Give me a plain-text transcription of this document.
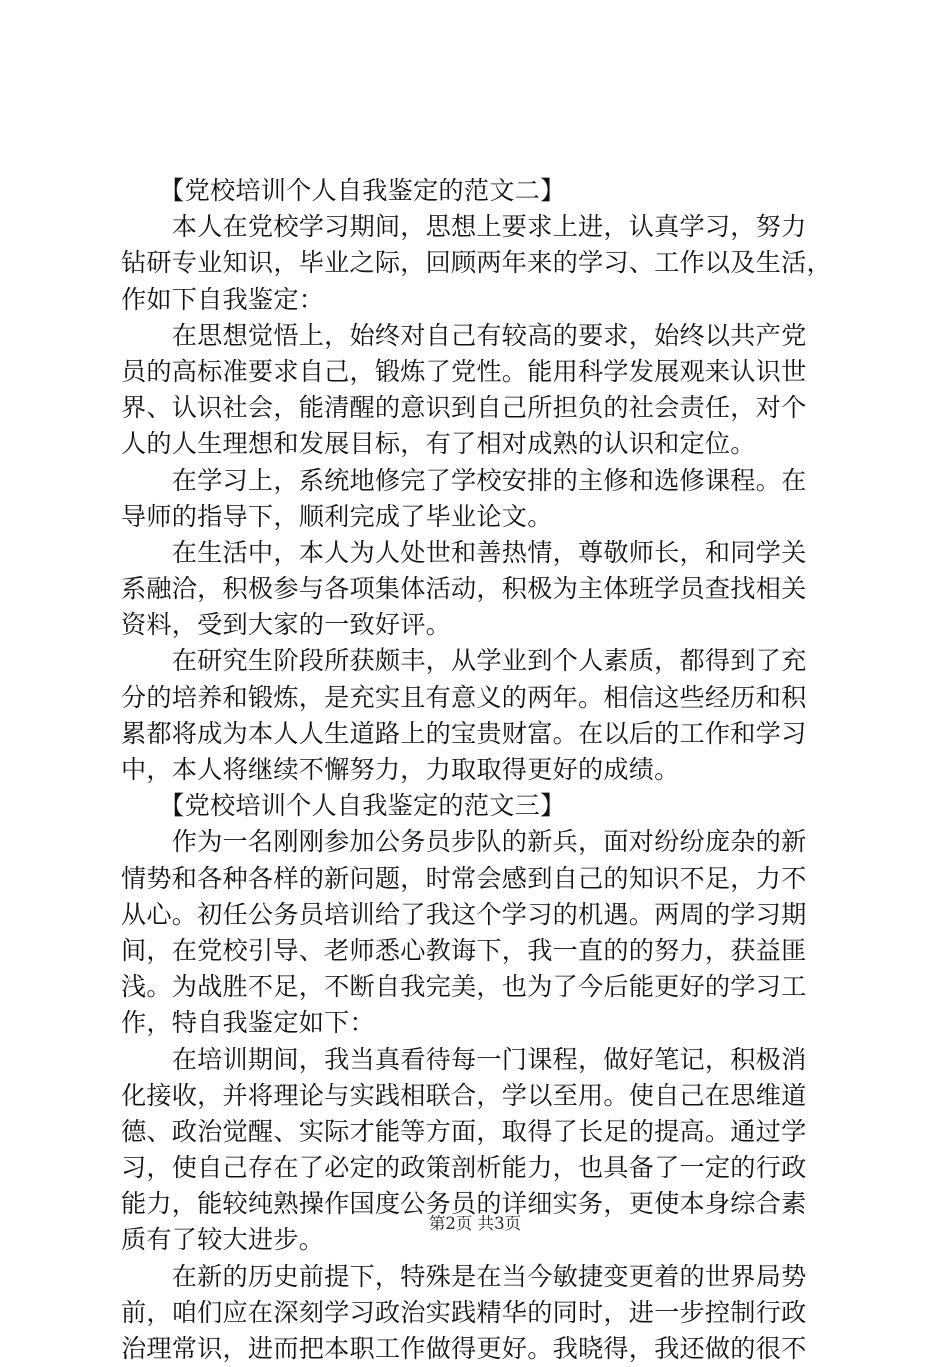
　　【党校培训个人自我鉴定的范文二】
　　本人在党校学习期间，思想上要求上进，认真学习，努力
钻研专业知识，毕业之际，回顾两年来的学习、工作以及生活，
作如下自我鉴定：
　　在思想觉悟上，始终对自己有较高的要求，始终以共产党
员的高标准要求自己，锻炼了党性。能用科学发展观来认识世
界、认识社会，能清醒的意识到自己所担负的社会责任，对个
人的人生理想和发展目标，有了相对成熟的认识和定位。
　　在学习上，系统地修完了学校安排的主修和选修课程。在
导师的指导下，顺利完成了毕业论文。
　　在生活中，本人为人处世和善热情，尊敬师长，和同学关
系融洽，积极参与各项集体活动，积极为主体班学员查找相关
资料，受到大家的一致好评。
　　在研究生阶段所获颇丰，从学业到个人素质，都得到了充
分的培养和锻炼，是充实且有意义的两年。相信这些经历和积
累都将成为本人人生道路上的宝贵财富。在以后的工作和学习
中，本人将继续不懈努力，力取取得更好的成绩。
　　【党校培训个人自我鉴定的范文三】
　　作为一名刚刚参加公务员步队的新兵，面对纷纷庞杂的新
情势和各种各样的新问题，时常会感到自己的知识不足，力不
从心。初任公务员培训给了我这个学习的机遇。两周的学习期
间，在党校引导、老师悉心教诲下，我一直的的努力，获益匪
浅。为战胜不足，不断自我完美，也为了今后能更好的学习工
作，特自我鉴定如下：
　　在培训期间，我当真看待每一门课程，做好笔记，积极消
化接收，并将理论与实践相联合，学以至用。使自己在思维道
德、政治觉醒、实际才能等方面，取得了长足的提高。通过学
习，使自己存在了必定的政策剖析能力，也具备了一定的行政
能力，能较纯熟操作国度公务员的详细实务，更使本身综合素
质有了较大进步。
　　在新的历史前提下，特殊是在当今敏捷变更着的世界局势
前，咱们应在深刻学习政治实践精华的同时，进一步控制行政
治理常识，进而把本职工作做得更好。我晓得，我还做的很不
第2页 共3页
